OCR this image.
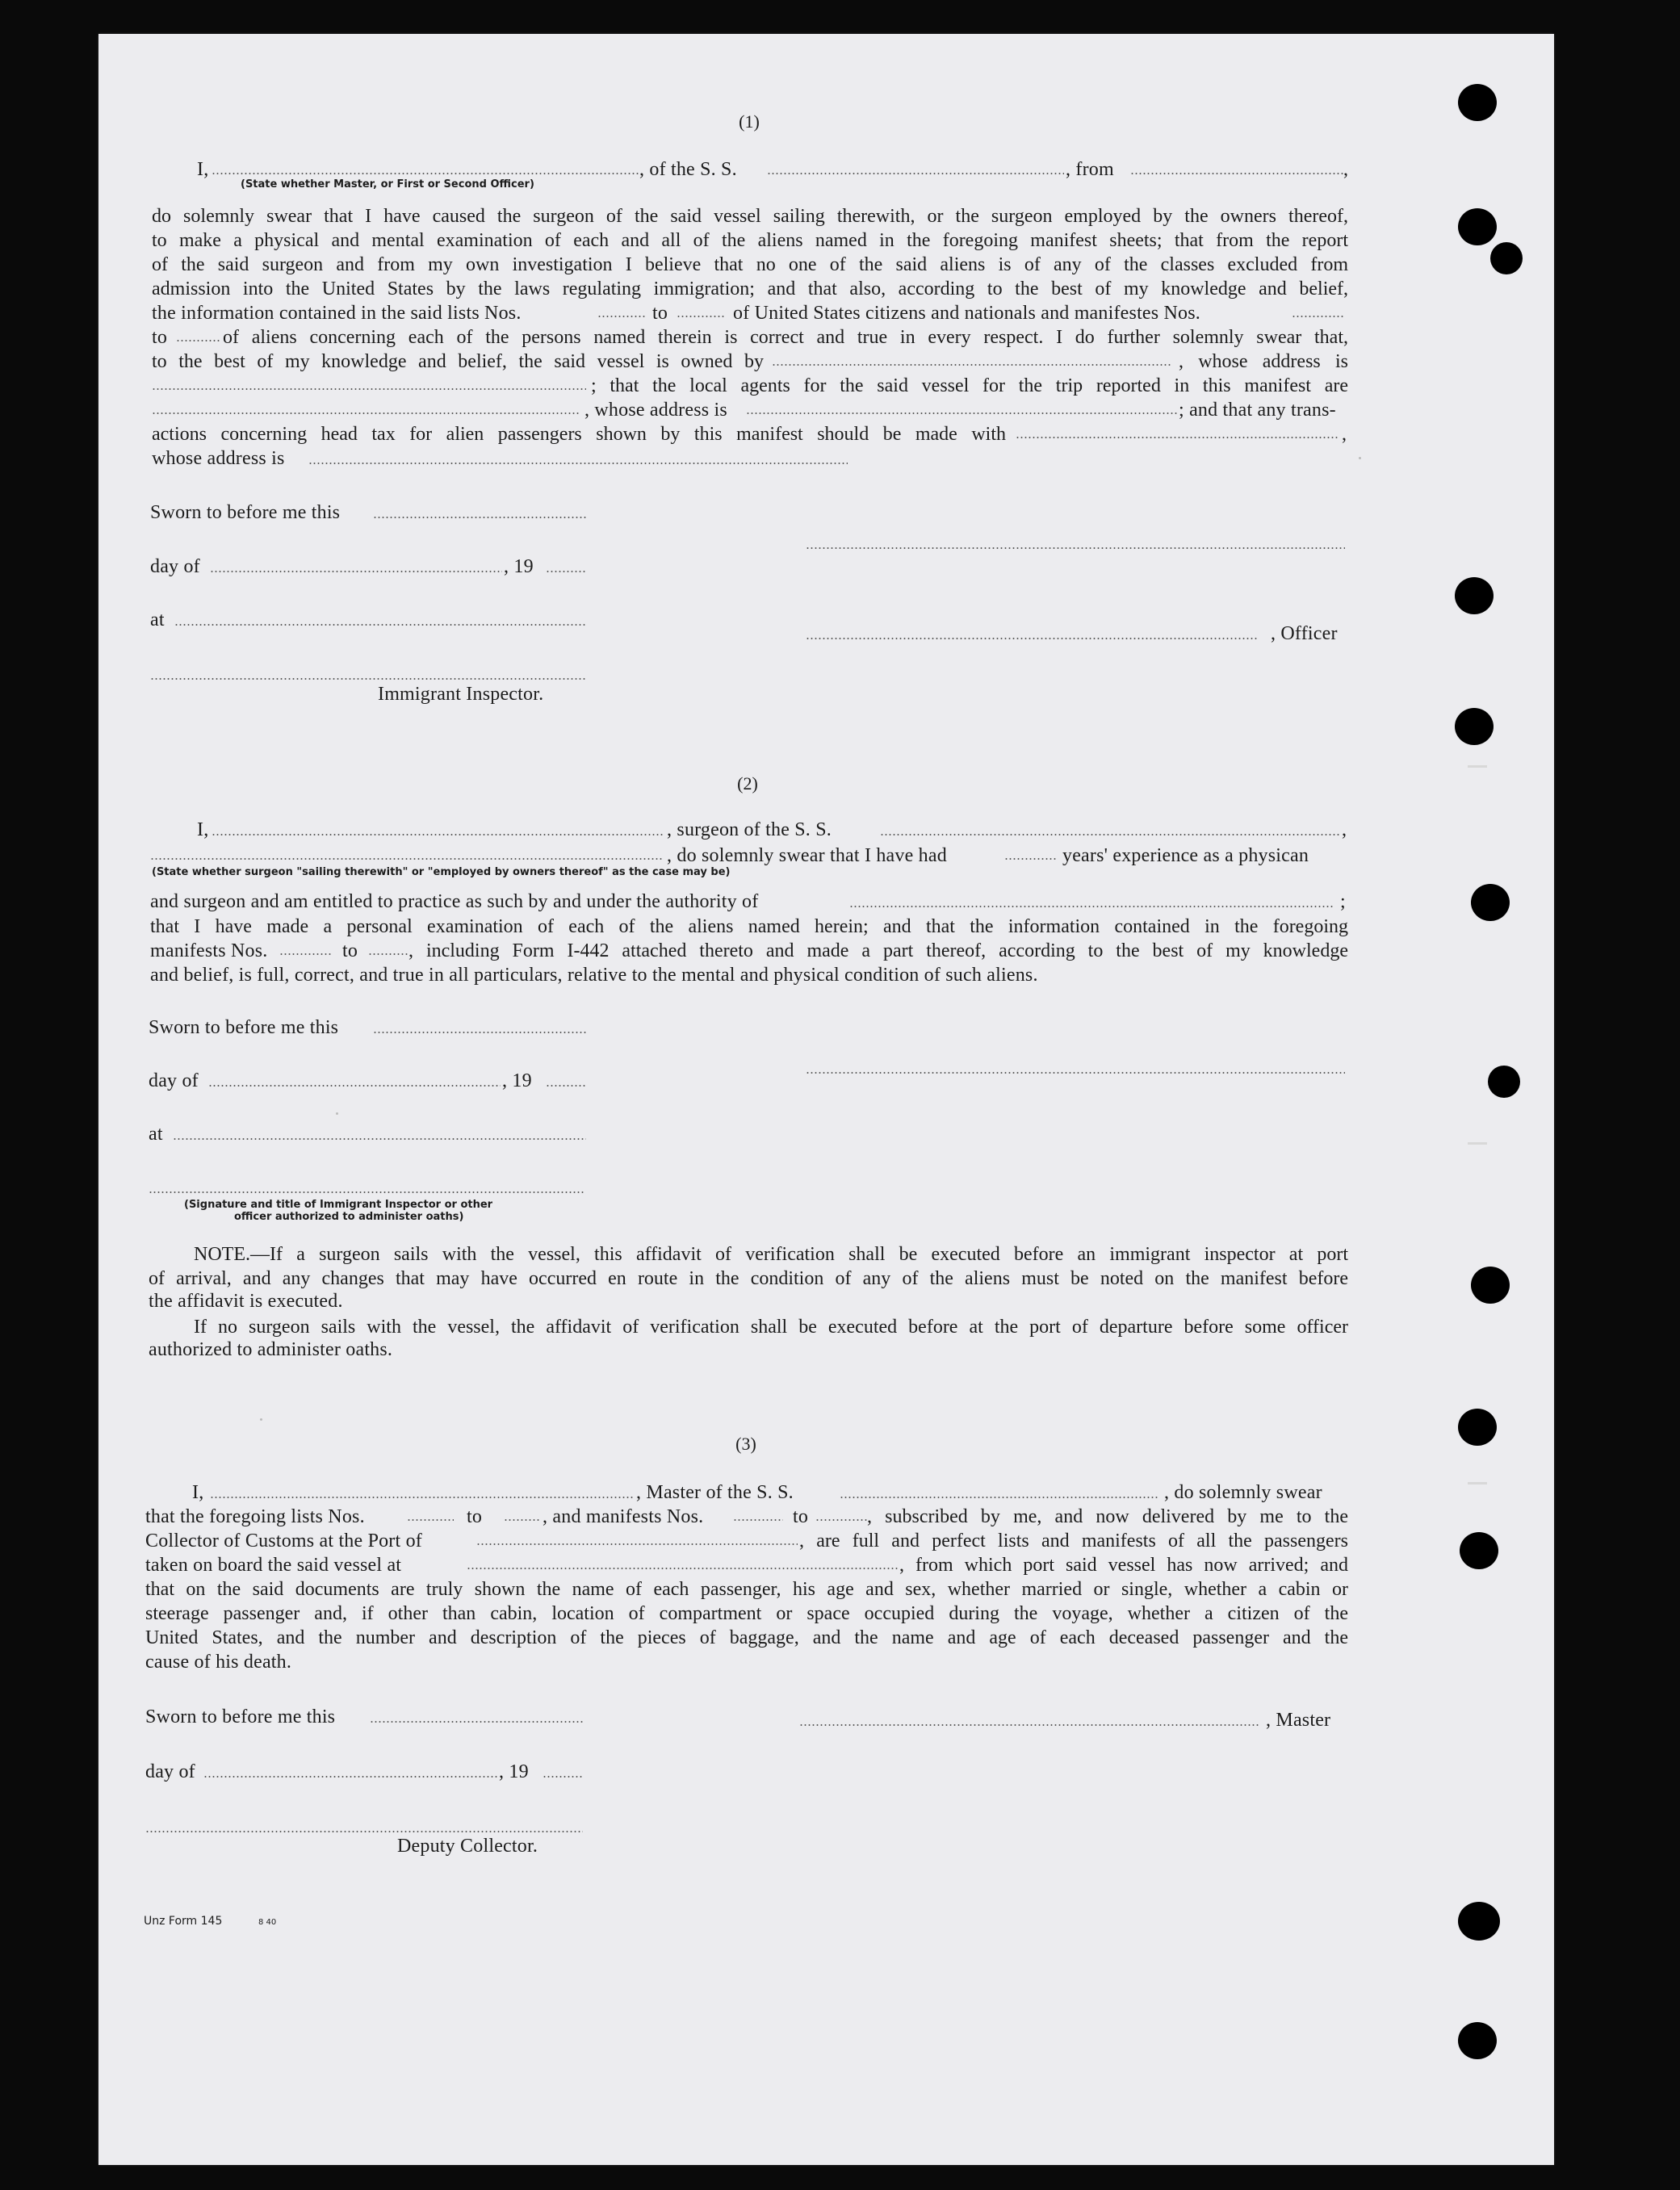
(1)
I,	, of the S. S.	, from	,
(State whether Master, or First or Second Officer)
do solemnly swear that I have caused the surgeon of the said vessel sailing therewith, or the surgeon employed by the owners thereof,
to make a physical and mental examination of each and all of the aliens named in the foregoing manifest sheets; that from the report
of the said surgeon and from my own investigation I believe that no one of the said aliens is of any of the classes excluded from
admission into the United States by the laws regulating immigration; and that also, according to the best of my knowledge and belief,
the information contained in the said lists Nos.	to	of United States citizens and nationals and manifestes Nos.
to	of aliens concerning each of the persons named therein is correct and true in every respect. I do further solemnly swear that,
to the best of my knowledge and belief, the said vessel is owned by	, whose address is
; that the local agents for the said vessel for the trip reported in this manifest are
, whose address is	; and that any trans-
actions concerning head tax for alien passengers shown by this manifest should be made with	,
whose address is
Sworn to before me this
day of	, 19
at
, Officer
Immigrant Inspector.
(2)
I,	, surgeon of the S. S.	,
, do solemnly swear that I have had	years' experience as a physican
(State whether surgeon "sailing therewith" or "employed by owners thereof" as the case may be)
and surgeon and am entitled to practice as such by and under the authority of	;
that I have made a personal examination of each of the aliens named herein; and that the information contained in the foregoing
manifests Nos.	to	, including Form I-442 attached thereto and made a part thereof, according to the best of my knowledge
and belief, is full, correct, and true in all particulars, relative to the mental and physical condition of such aliens.
Sworn to before me this
day of	, 19
at
(Signature and title of Immigrant Inspector or other
officer authorized to administer oaths)
NOTE.—If a surgeon sails with the vessel, this affidavit of verification shall be executed before an immigrant inspector at port
of arrival, and any changes that may have occurred en route in the condition of any of the aliens must be noted on the manifest before
the affidavit is executed.
If no surgeon sails with the vessel, the affidavit of verification shall be executed before at the port of departure before some officer
authorized to administer oaths.
(3)
I,	, Master of the S. S.	, do solemnly swear
that the foregoing lists Nos.	to	, and manifests Nos.	to	, subscribed by me, and now delivered by me to the
Collector of Customs at the Port of	, are full and perfect lists and manifests of all the passengers
taken on board the said vessel at	, from which port said vessel has now arrived; and
that on the said documents are truly shown the name of each passenger, his age and sex, whether married or single, whether a cabin or
steerage passenger and, if other than cabin, location of compartment or space occupied during the voyage, whether a citizen of the
United States, and the number and description of the pieces of baggage, and the name and age of each deceased passenger and the
cause of his death.
Sworn to before me this	, Master
day of	, 19
Deputy Collector.
Unz Form 145	8 40
